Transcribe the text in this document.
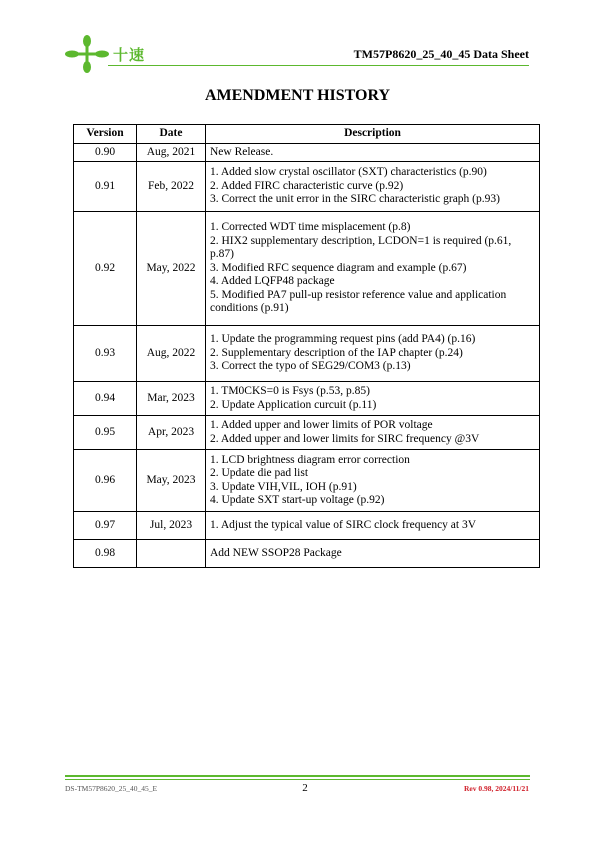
十速	TM57P8620_25_40_45 Data Sheet
AMENDMENT HISTORY
Version	Date	Description
0.90	Aug, 2021	New Release.

0.91	Feb, 2022	1. Added slow crystal oscillator (SXT) characteristics (p.90)
2. Added FIRC characteristic curve (p.92)
3. Correct the unit error in the SIRC characteristic graph (p.93)

0.92	May, 2022	1. Corrected WDT time misplacement (p.8)
2. HIX2 supplementary description, LCDON=1 is required (p.61, p.87)
3. Modified RFC sequence diagram and example (p.67)
4. Added LQFP48 package
5. Modified PA7 pull-up resistor reference value and application conditions (p.91)

0.93	Aug, 2022	1. Update the programming request pins (add PA4) (p.16)
2. Supplementary description of the IAP chapter (p.24)
3. Correct the typo of SEG29/COM3 (p.13)

0.94	Mar, 2023	1. TM0CKS=0 is Fsys (p.53, p.85)
2. Update Application curcuit (p.11)

0.95	Apr, 2023	1. Added upper and lower limits of POR voltage
2. Added upper and lower limits for SIRC frequency @3V

0.96	May, 2023	1. LCD brightness diagram error correction
2. Update die pad list
3. Update VIH,VIL, IOH (p.91)
4. Update SXT start-up voltage (p.92)

0.97	Jul, 2023	1. Adjust the typical value of SIRC clock frequency at 3V

0.98		Add NEW SSOP28 Package
DS-TM57P8620_25_40_45_E	2	Rev 0.98, 2024/11/21
